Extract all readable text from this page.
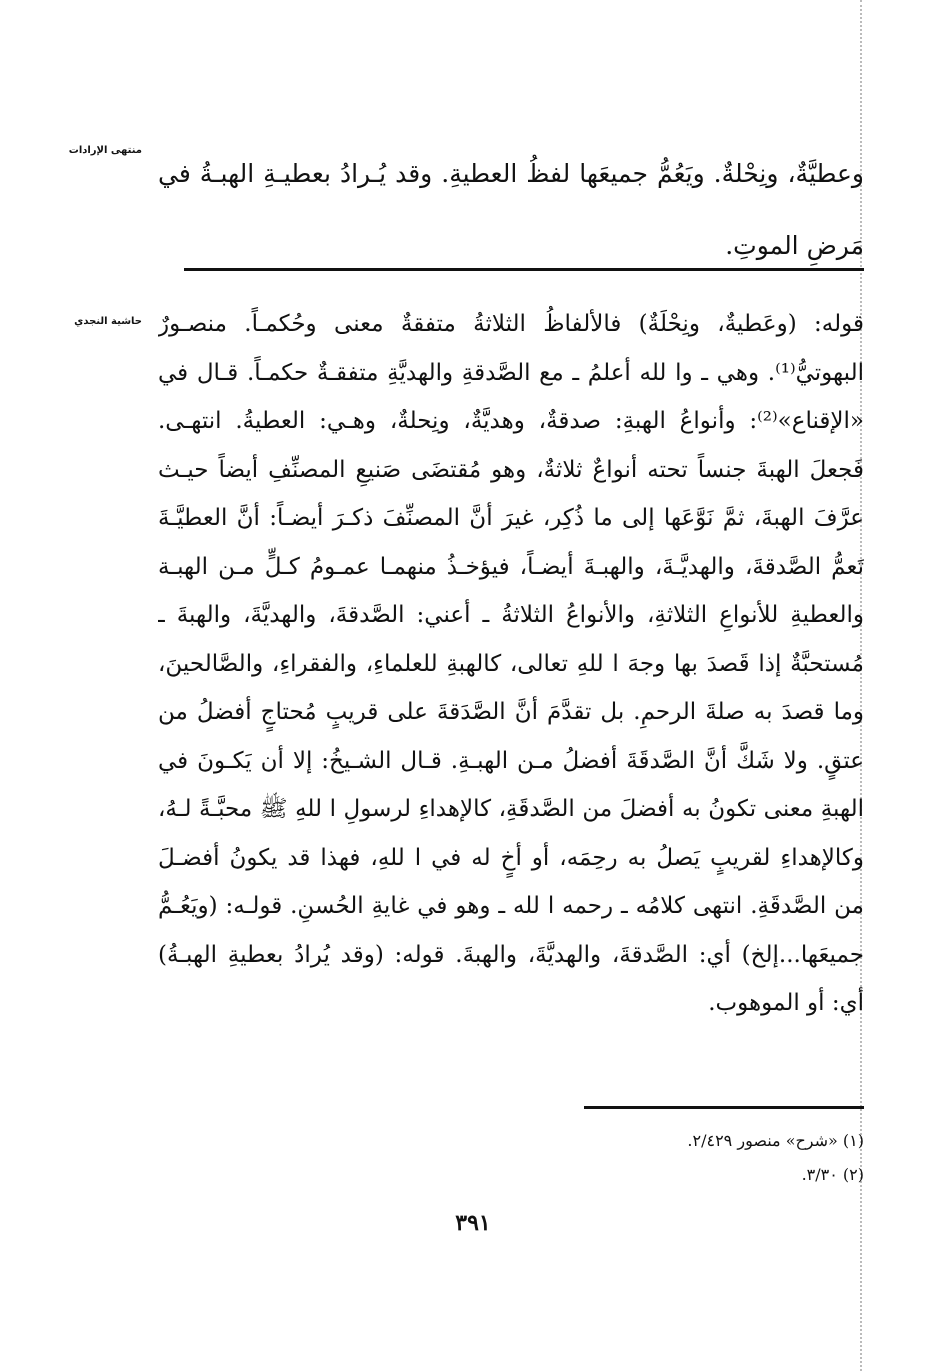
منتهى الإرادات
حاشية النجدي
وعطيَّةٌ، ونِحْلةٌ. ويَعُمُّ جميعَها لفظُ العطيةِ. وقد يُـرادُ بعطيـةِ الهبـةُ في
مَرضِ الموتِ.
قوله: (وعَطيةٌ، ونِحْلَةٌ) فالألفاظُ الثلاثةُ متفقةٌ معنى وحُكمـاً. منصـورٌ
البهوتيُّ⁽¹⁾. وهي ـ وا لله أعلمُ ـ مع الصَّدقةِ والهديَّةِ متفقـةٌ حكمـاً. قـال في
«الإقناع»⁽²⁾: وأنواعُ الهبةِ: صدقةٌ، وهديَّةٌ، ونِحلةٌ، وهـي: العطيةُ. انتهـى.
فَجعلَ الهبةَ جنساً تحته أنواعٌ ثلاثةٌ، وهو مُقتضَى صَنيعِ المصنِّفِ أيضاً حيـث
عرَّفَ الهبةَ، ثمَّ نَوَّعَها إلى ما ذُكِر، غيرَ أنَّ المصنِّفَ ذكـرَ أيضـاً: أنَّ العطيَّـةَ
تَعمُّ الصَّدقةَ، والهديَّـةَ، والهبـةَ أيضـاً، فيؤخـذُ منهمـا عمـومُ كـلٍّ مـن الهبـة
والعطيةِ للأنواعِ الثلاثةِ، والأنواعُ الثلاثةُ ـ أعني: الصَّدقةَ، والهديَّةَ، والهبةَ ـ
مُستحبَّةٌ إذا قَصدَ بها وجهَ ا للهِ تعالى، كالهبةِ للعلماءِ، والفقراءِ، والصَّالحينَ،
وما قصدَ به صلةَ الرحمِ. بل تقدَّمَ أنَّ الصَّدَقةَ على قريبٍ مُحتاجٍ أفضلُ من
عتقٍ. ولا شَكَّ أنَّ الصَّدقَةَ أفضلُ مـن الهبـةِ. قـال الشـيخُ: إلا أن يَكـونَ في
الهبةِ معنى تكونُ به أفضلَ من الصَّدقَةِ، كالإهداءِ لرسولِ ا للهِ ﷺ محبَّـةً لـهُ،
وكالإهداءِ لقريبٍ يَصلُ به رحِمَه، أو أخٍ له في ا للهِ، فهذا قد يكونُ أفضـلَ
من الصَّدقَةِ. انتهى كلامُه ـ رحمه ا لله ـ وهو في غايةِ الحُسنِ. قولـه: (ويَعُـمُّ
جميعَها...إلخ) أي: الصَّدقةَ، والهديَّةَ، والهبةَ. قوله: (وقد يُرادُ بعطيةِ الهبـةُ)
أي: أو الموهوب.
(١) «شرح» منصور ٢/٤٢٩.
(٢) ٣/٣٠.
٣٩١
